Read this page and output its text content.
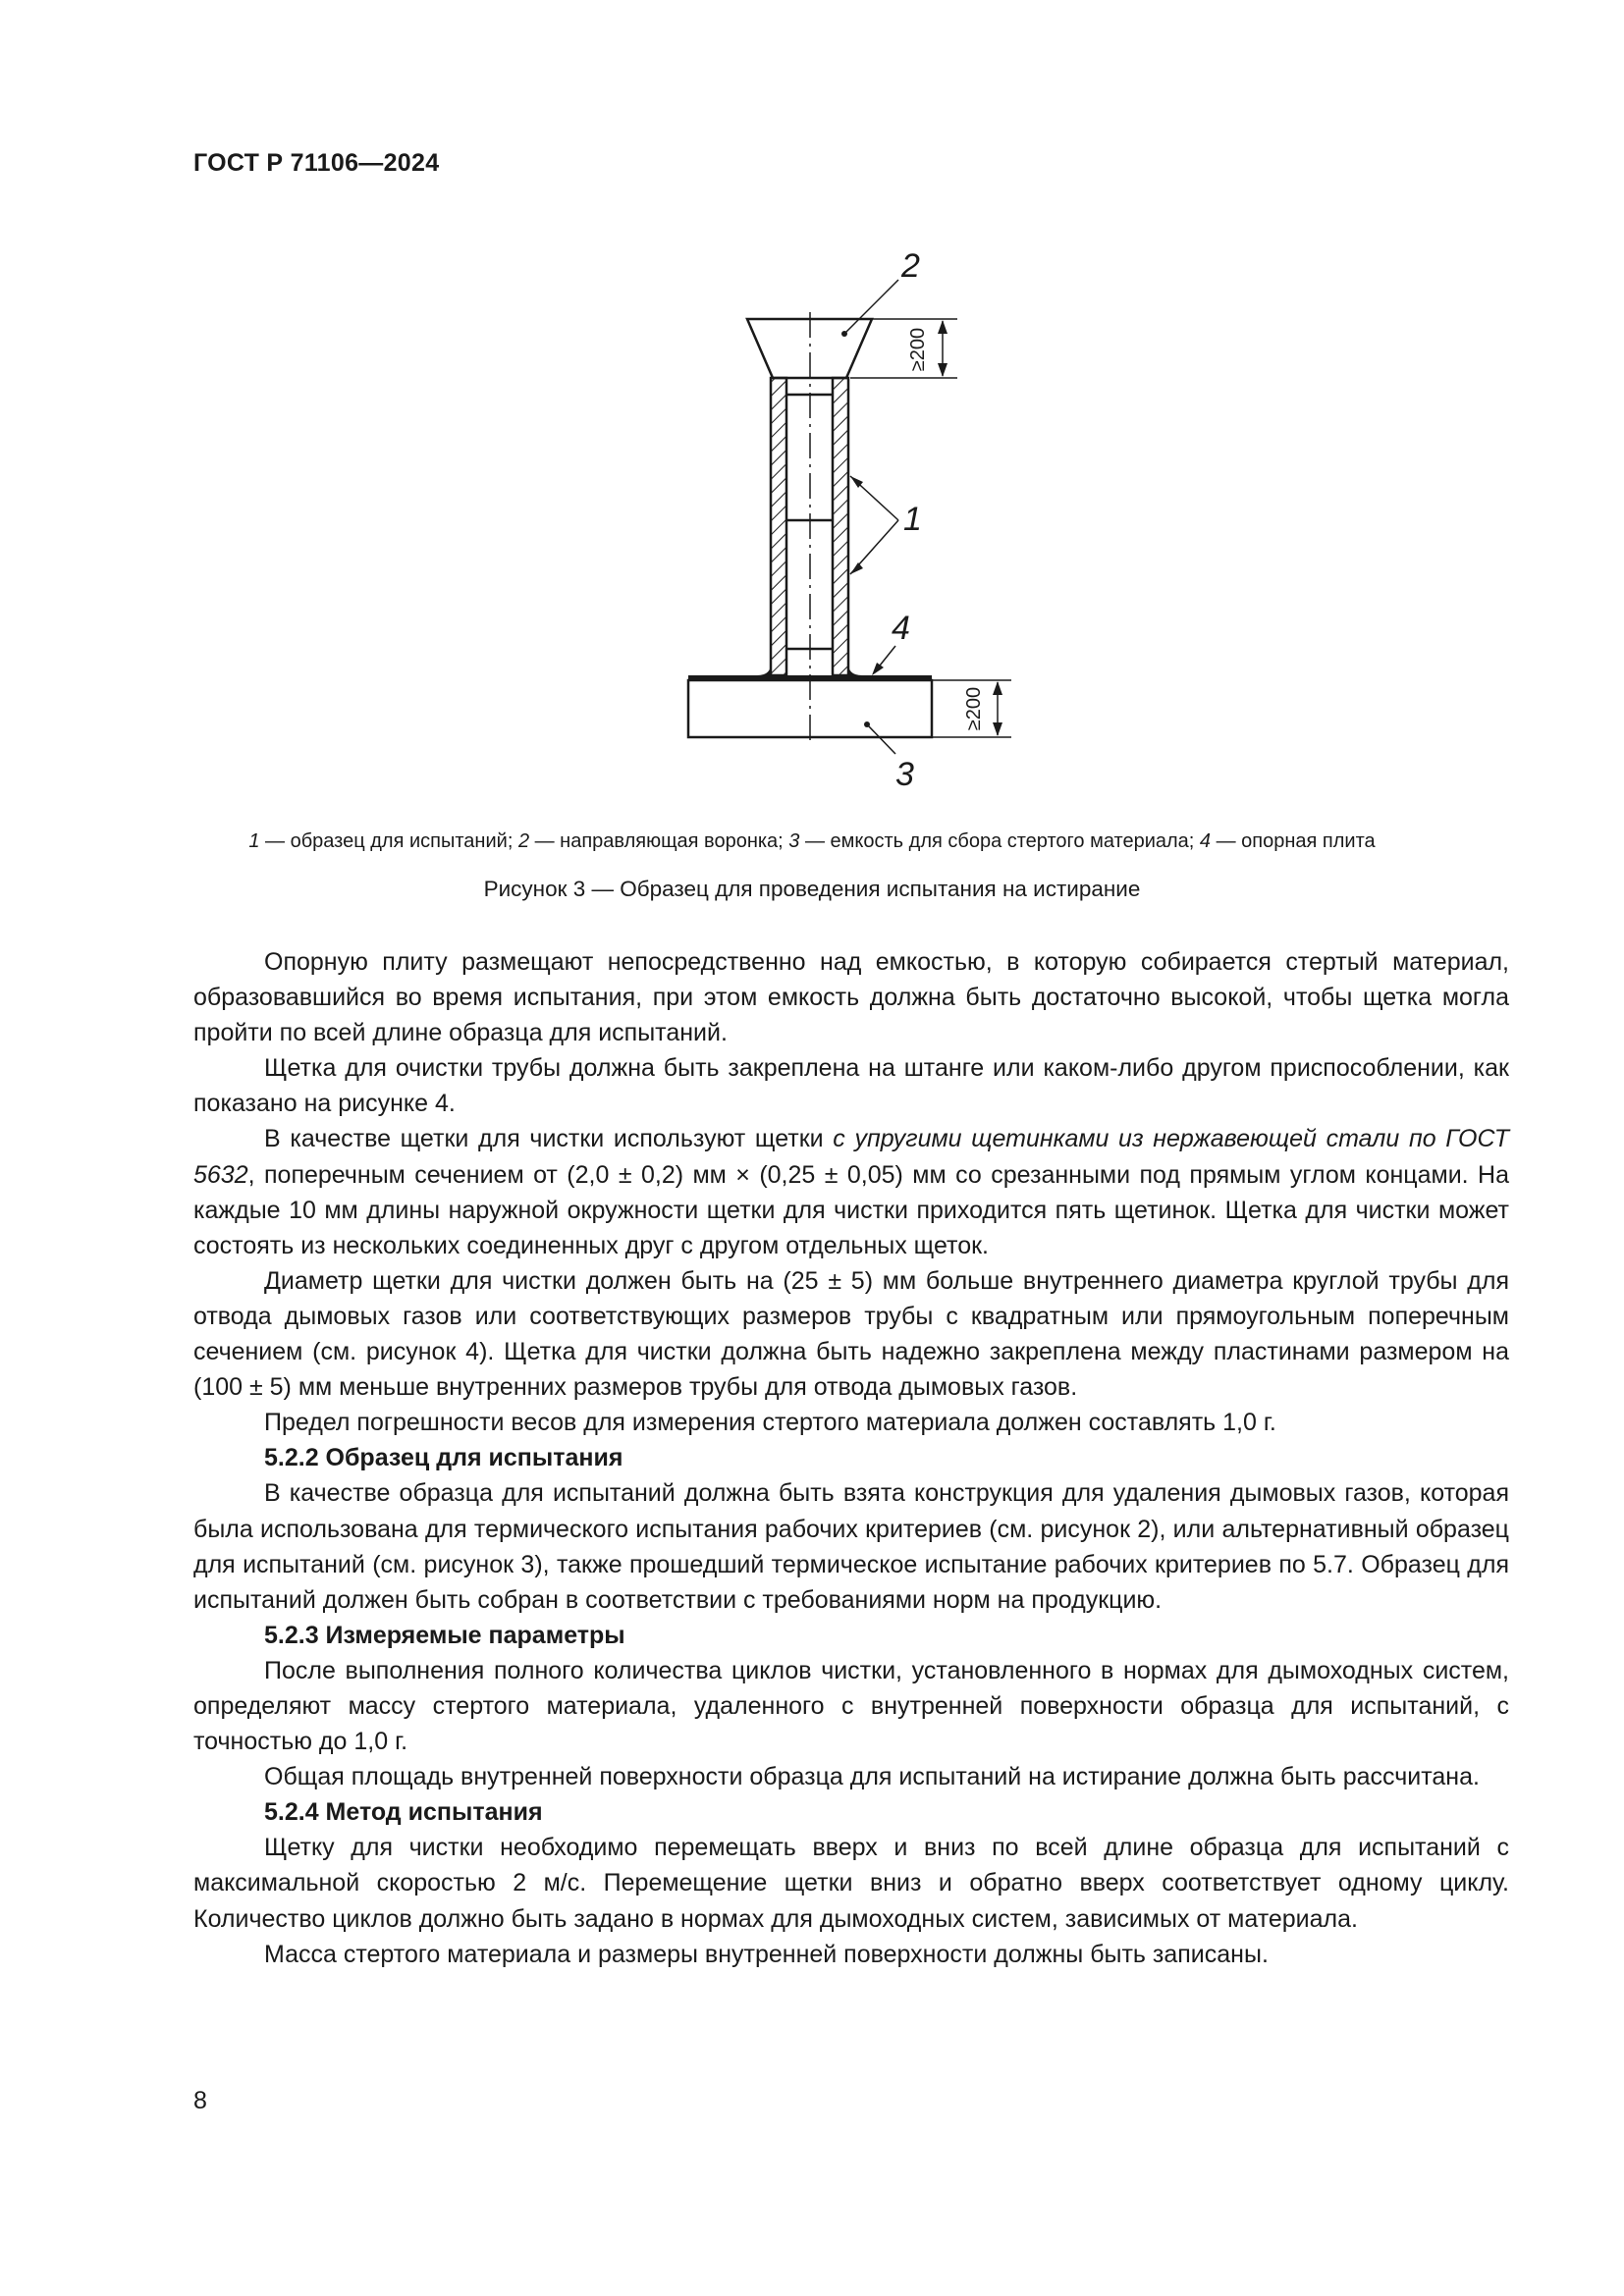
ГОСТ Р 71106—2024
≥200
≥200
2
1
4
3
1 — образец для испытаний; 2 — направляющая воронка; 3 — емкость для сбора стертого материала; 4 — опорная плита
Рисунок 3 — Образец для проведения испытания на истирание

Опорную плиту размещают непосредственно над емкостью, в которую собирается стертый материал, образовавшийся во время испытания, при этом емкость должна быть достаточно высокой, чтобы щетка могла пройти по всей длине образца для испытаний.

Щетка для очистки трубы должна быть закреплена на штанге или каком-либо другом приспособлении, как показано на рисунке 4.

В качестве щетки для чистки используют щетки с упругими щетинками из нержавеющей стали по ГОСТ 5632, поперечным сечением от (2,0 ± 0,2) мм × (0,25 ± 0,05) мм со срезанными под прямым углом концами. На каждые 10 мм длины наружной окружности щетки для чистки приходится пять щетинок. Щетка для чистки может состоять из нескольких соединенных друг с другом отдельных щеток.

Диаметр щетки для чистки должен быть на (25 ± 5) мм больше внутреннего диаметра круглой трубы для отвода дымовых газов или соответствующих размеров трубы с квадратным или прямоугольным поперечным сечением (см. рисунок 4). Щетка для чистки должна быть надежно закреплена между пластинами размером на (100 ± 5) мм меньше внутренних размеров трубы для отвода дымовых газов.

Предел погрешности весов для измерения стертого материала должен составлять 1,0 г.

5.2.2 Образец для испытания

В качестве образца для испытаний должна быть взята конструкция для удаления дымовых газов, которая была использована для термического испытания рабочих критериев (см. рисунок 2), или альтернативный образец для испытаний (см. рисунок 3), также прошедший термическое испытание рабочих критериев по 5.7. Образец для испытаний должен быть собран в соответствии с требованиями норм на продукцию.

5.2.3 Измеряемые параметры

После выполнения полного количества циклов чистки, установленного в нормах для дымоходных систем, определяют массу стертого материала, удаленного с внутренней поверхности образца для испытаний, с точностью до 1,0 г.

Общая площадь внутренней поверхности образца для испытаний на истирание должна быть рассчитана.

5.2.4 Метод испытания

Щетку для чистки необходимо перемещать вверх и вниз по всей длине образца для испытаний с максимальной скоростью 2 м/с. Перемещение щетки вниз и обратно вверх соответствует одному циклу. Количество циклов должно быть задано в нормах для дымоходных систем, зависимых от материала.

Масса стертого материала и размеры внутренней поверхности должны быть записаны.

8
